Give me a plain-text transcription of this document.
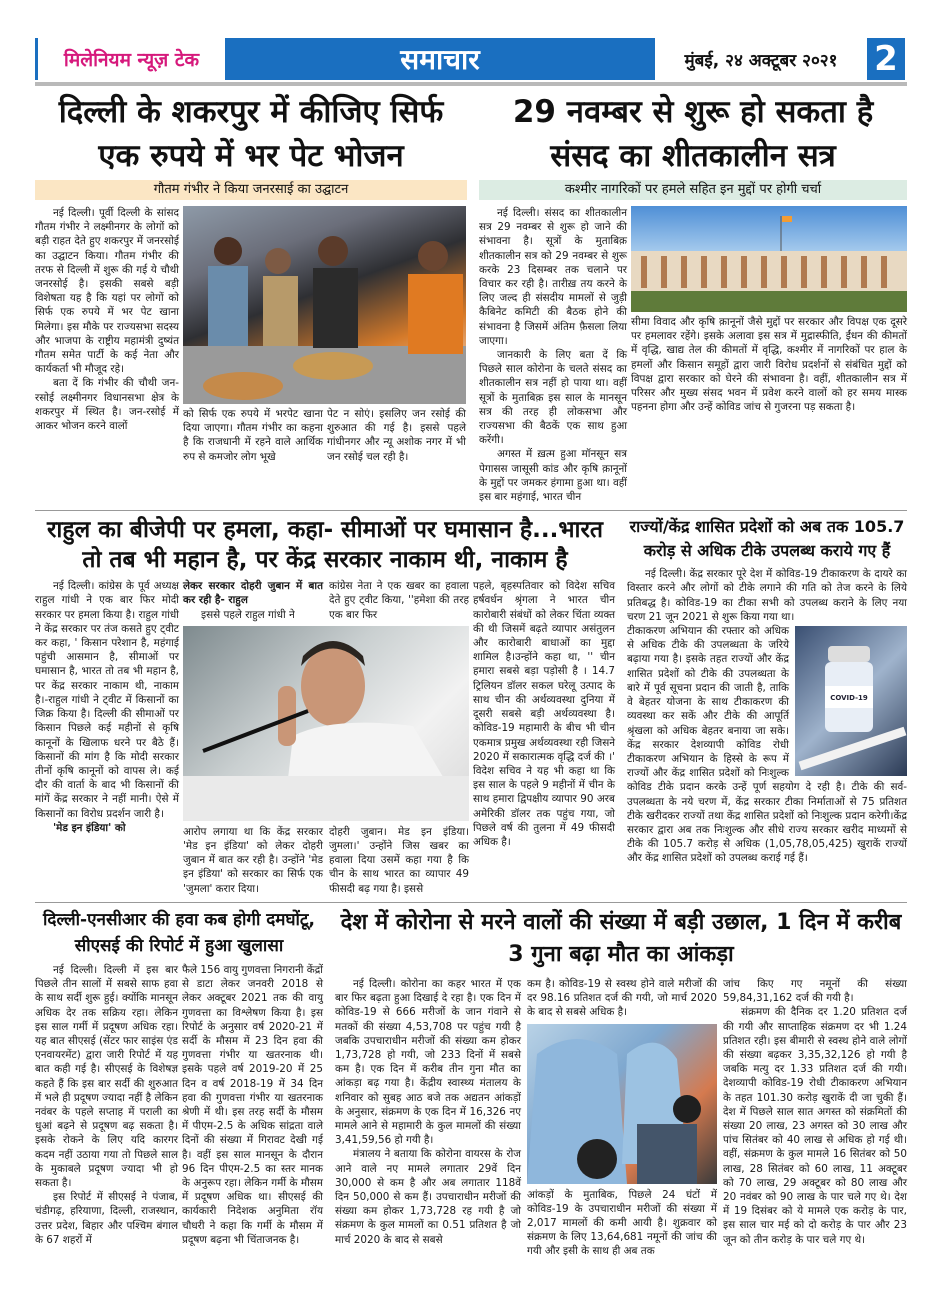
मिलेनियम न्यूज़ टेक	समाचार	मुंबई, २४ अक्टूबर २०२१	2
दिल्ली के शकरपुर में कीजिए सिर्फ एक रुपये में भर पेट भोजन
गौतम गंभीर ने किया जनरसाई का उद्घाटन

नई दिल्ली। पूर्वी दिल्ली के सांसद गौतम गंभीर ने लक्ष्मीनगर के लोगों को बड़ी राहत देते हुए शकरपुर में जनरसोई का उद्घाटन किया। गौतम गंभीर की तरफ से दिल्ली में शुरू की गई ये चौथी जनरसोई है। इसकी सबसे बड़ी विशेषता यह है कि यहां पर लोगों को सिर्फ एक रुपये में भर पेट खाना मिलेगा। इस मौके पर राज्यसभा सदस्य और भाजपा के राष्ट्रीय महामंत्री दुष्यंत गौतम समेत पार्टी के कई नेता और कार्यकर्ता भी मौजूद रहे।

बता दें कि गंभीर की चौथी जन-रसोई लक्ष्मीनगर विधानसभा क्षेत्र के शकरपुर में स्थित है। जन-रसोई में आकर भोजन करने वालों

को सिर्फ एक रुपये में भरपेट खाना दिया जाएगा। गौतम गंभीर का कहना है कि राजधानी में रहने वाले आर्थिक रुप से कमजोर लोग भूखे

पेट न सोएं। इसलिए जन रसोई की शुरुआत की गई है। इससे पहले गांधीनगर और न्यू अशोक नगर में भी जन रसोई चल रही है।

29 नवम्बर से शुरू हो सकता है संसद का शीतकालीन सत्र
कश्मीर नागरिकों पर हमले सहित इन मुद्दों पर होगी चर्चा

नई दिल्ली। संसद का शीतकालीन सत्र 29 नवम्बर से शुरू हो जाने की संभावना है। सूत्रों के मुताबिक़ शीतकालीन सत्र को 29 नवम्बर से शुरू करके 23 दिसम्बर तक चलाने पर विचार कर रही है। तारीख़ तय करने के लिए जल्द ही संसदीय मामलों से जुड़ी कैबिनेट कमिटी की बैठक होने की संभावना है जिसमें अंतिम फ़ैसला लिया जाएगा।

जानकारी के लिए बता दें कि पिछले साल कोरोना के चलते संसद का शीतकालीन सत्र नहीं हो पाया था। वहीं सूत्रों के मुताबिक़ इस साल के मानसून सत्र की तरह ही लोकसभा और राज्यसभा की बैठकें एक साथ हुआ करेंगी।

अगस्त में ख़त्म हुआ मॉनसून सत्र पेगासस जासूसी कांड और कृषि क़ानूनों के मुद्दों पर जमकर हंगामा हुआ था। वहीं इस बार महंगाई, भारत चीन

सीमा विवाद और कृषि क़ानूनों जैसे मुद्दों पर सरकार और विपक्ष एक दूसरे पर हमलावर रहेंगे। इसके अलावा इस सत्र में मुद्रास्फीति, ईंधन की कीमतों में वृद्धि, खाद्य तेल की कीमतों में वृद्धि, कश्मीर में नागरिकों पर हाल के हमलों और किसान समूहों द्वारा जारी विरोध प्रदर्शनों से संबंधित मुद्दों को विपक्ष द्वारा सरकार को घेरने की संभावना है। वहीं, शीतकालीन सत्र में परिसर और मुख्य संसद भवन में प्रवेश करने वालों को हर समय मास्क पहनना होगा और उन्हें कोविड जांच से गुजरना पड़ सकता है।

राहुल का बीजेपी पर हमला, कहा- सीमाओं पर घमासान है...भारत तो तब भी महान है, पर केंद्र सरकार नाकाम थी, नाकाम है

नई दिल्ली। कांग्रेस के पूर्व अध्यक्ष राहुल गांधी ने एक बार फिर मोदी सरकार पर हमला किया है। राहुल गांधी ने केंद्र सरकार पर तंज कसते हुए ट्वीट कर कहा, ' किसान परेशान है, महंगाई पहुंची आसमान है, सीमाओं पर घमासान है, भारत तो तब भी महान है, पर केंद्र सरकार नाकाम थी, नाकाम है।-राहुल गांधी ने ट्वीट में किसानों का जिक्र किया है। दिल्ली की सीमाओं पर किसान पिछले कई महीनों से कृषि कानूनों के खिलाफ धरने पर बैठे हैं। किसानों की मांग है कि मोदी सरकार तीनों कृषि कानूनों को वापस ले। कई दौर की वार्ता के बाद भी किसानों की मांगें केंद्र सरकार ने नहीं मानी। ऐसे में किसानों का विरोध प्रदर्शन जारी है।

'मेड इन इंडिया' को

लेकर सरकार दोहरी जुबान में बात कर रही है- राहुल

इससे पहले राहुल गांधी ने

कांग्रेस नेता ने एक खबर का हवाला देते हुए ट्वीट किया, ''हमेशा की तरह एक बार फिर

आरोप लगाया था कि केंद्र सरकार 'मेड इन इंडिया' को लेकर दोहरी जुबान में बात कर रही है। उन्होंने 'मेड इन इंडिया' को सरकार का सिर्फ एक 'जुमला' करार दिया।

दोहरी जुबान। मेड इन इंडिया। जुमला।' उन्होंने जिस खबर का हवाला दिया उसमें कहा गया है कि चीन के साथ भारत का व्यापार 49 फीसदी बढ़ गया है। इससे

पहले, बृहस्पतिवार को विदेश सचिव हर्षवर्धन श्रृंगला ने भारत चीन कारोबारी संबंधों को लेकर चिंता व्यक्त की थी जिसमें बढ़ते व्यापार असंतुलन और कारोबारी बाधाओं का मुद्दा शामिल है।उन्होंने कहा था, '' चीन हमारा सबसे बड़ा पड़ोसी है । 14.7 ट्रिलियन डॉलर सकल घरेलू उत्पाद के साथ चीन की अर्थव्यवस्था दुनिया में दूसरी सबसे बड़ी अर्थव्यवस्था है। कोविड-19 महामारी के बीच भी चीन एकमात्र प्रमुख अर्थव्यवस्था रही जिसने 2020 में सकारात्मक वृद्धि दर्ज की ।' विदेश सचिव ने यह भी कहा था कि इस साल के पहले 9 महीनों में चीन के साथ हमारा द्विपक्षीय व्यापार 90 अरब अमेरिकी डॉलर तक पहुंच गया, जो पिछले वर्ष की तुलना में 49 फीसदी अधिक है।

राज्यों/केंद्र शासित प्रदेशों को अब तक 105.7 करोड़ से अधिक टीके उपलब्ध कराये गए हैं

नई दिल्ली। केंद्र सरकार पूरे देश में कोविड-19 टीकाकरण के दायरे का विस्तार करने और लोगों को टीके लगाने की गति को तेज करने के लिये प्रतिबद्ध है। कोविड-19 का टीका सभी को उपलब्ध कराने के लिए नया चरण 21 जून 2021 से शुरू किया गया था।

COVID-19

टीकाकरण अभियान की रफ्तार को अधिक से अधिक टीके की उपलब्धता के जरिये बढ़ाया गया है। इसके तहत राज्यों और केंद्र शासित प्रदेशों को टीके की उपलब्धता के बारे में पूर्व सूचना प्रदान की जाती है, ताकि वे बेहतर योजना के साथ टीकाकरण की व्यवस्था कर सकें और टीके की आपूर्ति श्रृंखला को अधिक बेहतर बनाया जा सके। केंद्र सरकार देशव्यापी कोविड रोधी टीकाकरण अभियान के हिस्से के रूप में राज्यों और केंद्र शासित प्रदेशों को निःशुल्क कोविड टीके प्रदान करके उन्हें पूर्ण सहयोग दे रही है। टीके की सर्व-उपलब्धता के नये चरण में, केंद्र सरकार टीका निर्माताओं से 75 प्रतिशत टीके खरीदकर राज्यों तथा केंद्र शासित प्रदेशों को निःशुल्क प्रदान करेगी।केंद्र सरकार द्वारा अब तक निःशुल्क और सीधे राज्य सरकार खरीद माध्यमों से टीके की 105.7 करोड़ से अधिक (1,05,78,05,425) खुराकें राज्यों और केंद्र शासित प्रदेशों को उपलब्ध कराई गई हैं।

दिल्ली-एनसीआर की हवा कब होगी दमघोंटू, सीएसई की रिपोर्ट में हुआ खुलासा

नई दिल्ली। दिल्ली में इस बार पिछले तीन सालों में सबसे साफ हवा के साथ सर्दी शुरू हुई। क्योंकि मानसून अधिक देर तक सक्रिय रहा। लेकिन इस साल गर्मी में प्रदूषण अधिक रहा। यह बात सीएसई (सेंटर फार साइंस एंड एनवायरमेंट) द्वारा जारी रिपोर्ट में यह बात कही गई है। सीएसई के विशेषज्ञ कहते हैं कि इस बार सर्दी की शुरुआत में भले ही प्रदूषण ज्यादा नहीं है लेकिन नवंबर के पहले सप्ताह में पराली का धुआं बढ़ने से प्रदूषण बढ़ सकता है। इसके रोकने के लिए यदि कारगर कदम नहीं उठाया गया तो पिछले साल के मुकाबले प्रदूषण ज्यादा भी हो सकता है।

इस रिपोर्ट में सीएसई ने पंजाब, चंडीगढ़, हरियाणा, दिल्ली, राजस्थान, उत्तर प्रदेश, बिहार और पश्चिम बंगाल के 67 शहरों में

फैले 156 वायु गुणवत्ता निगरानी केंद्रों से डाटा लेकर जनवरी 2018 से लेकर अक्टूबर 2021 तक की वायु गुणवत्ता का विश्लेषण किया है। इस रिपोर्ट के अनुसार वर्ष 2020-21 में सर्दी के मौसम में 23 दिन हवा की गुणवत्ता गंभीर या खतरनाक थी। इसके पहले वर्ष 2019-20 में 25 दिन व वर्ष 2018-19 में 34 दिन हवा की गुणवत्ता गंभीर या खतरनाक श्रेणी में थी। इस तरह सर्दी के मौसम में पीएम-2.5 के अधिक सांद्रता वाले दिनों की संख्या में गिरावट देखी गई है। वहीं इस साल मानसून के दौरान 96 दिन पीएम-2.5 का स्तर मानक के अनुरूप रहा। लेकिन गर्मी के मौसम में प्रदूषण अधिक था। सीएसई की कार्यकारी निदेशक अनुमिता रॉय चौधरी ने कहा कि गर्मी के मौसम में प्रदूषण बढ़ना भी चिंताजनक है।

देश में कोरोना से मरने वालों की संख्या में बड़ी उछाल, 1 दिन में करीब 3 गुना बढ़ा मौत का आंकड़ा

नई दिल्ली। कोरोना का कहर भारत में एक बार फिर बढ़ता हुआ दिखाई दे रहा है। एक दिन में कोविड-19 से 666 मरीजों के जान गंवाने से मतकों की संख्या 4,53,708 पर पहुंच गयी है जबकि उपचाराधीन मरीजों की संख्या कम होकर 1,73,728 हो गयी, जो 233 दिनों में सबसे कम है। एक दिन में करीब तीन गुना मौत का आंकड़ा बढ़ गया है। केंद्रीय स्वास्थ्य मंतालय के शनिवार को सुबह आठ बजे तक अद्यतन आंकड़ों के अनुसार, संक्रमण के एक दिन में 16,326 नए मामले आने से महामारी के कुल मामलों की संख्या 3,41,59,56 हो गयी है।

मंत्रालय ने बताया कि कोरोना वायरस के रोज आने वाले नए मामले लगातार 29वें दिन 30,000 से कम है और अब लगातार 118वें दिन 50,000 से कम हैं। उपचाराधीन मरीजों की संख्या कम होकर 1,73,728 रह गयी है जो संक्रमण के कुल मामलों का 0.51 प्रतिशत है जो मार्च 2020 के बाद से सबसे

कम है। कोविड-19 से स्वस्थ होने वाले मरीजों की दर 98.16 प्रतिशत दर्ज की गयी, जो मार्च 2020 के बाद से सबसे अधिक है।

आंकड़ों के मुताबिक, पिछले 24 घंटों में कोविड-19 के उपचाराधीन मरीजों की संख्या में 2,017 मामलों की कमी आयी है। शुक्रवार को संक्रमण के लिए 13,64,681 नमूनों की जांच की गयी और इसी के साथ ही अब तक

जांच किए गए नमूनों की संख्या 59,84,31,162 दर्ज की गयी है।

संक्रमण की दैनिक दर 1.20 प्रतिशत दर्ज की गयी और साप्ताहिक संक्रमण दर भी 1.24 प्रतिशत रही। इस बीमारी से स्वस्थ होने वाले लोगों की संख्या बढ़कर 3,35,32,126 हो गयी है जबकि मत्यु दर 1.33 प्रतिशत दर्ज की गयी। देशव्यापी कोविड-19 रोधी टीकाकरण अभियान के तहत 101.30 करोड़ खुराकें दी जा चुकी हैं। देश में पिछले साल सात अगस्त को संक्रमितों की संख्या 20 लाख, 23 अगस्त को 30 लाख और पांच सितंबर को 40 लाख से अधिक हो गई थी। वहीं, संक्रमण के कुल मामले 16 सितंबर को 50 लाख, 28 सितंबर को 60 लाख, 11 अक्टूबर को 70 लाख, 29 अक्टूबर को 80 लाख और 20 नवंबर को 90 लाख के पार चले गए थे। देश में 19 दिसंबर को ये मामले एक करोड़ के पार, इस साल चार मई को दो करोड़ के पार और 23 जून को तीन करोड़ के पार चले गए थे।
